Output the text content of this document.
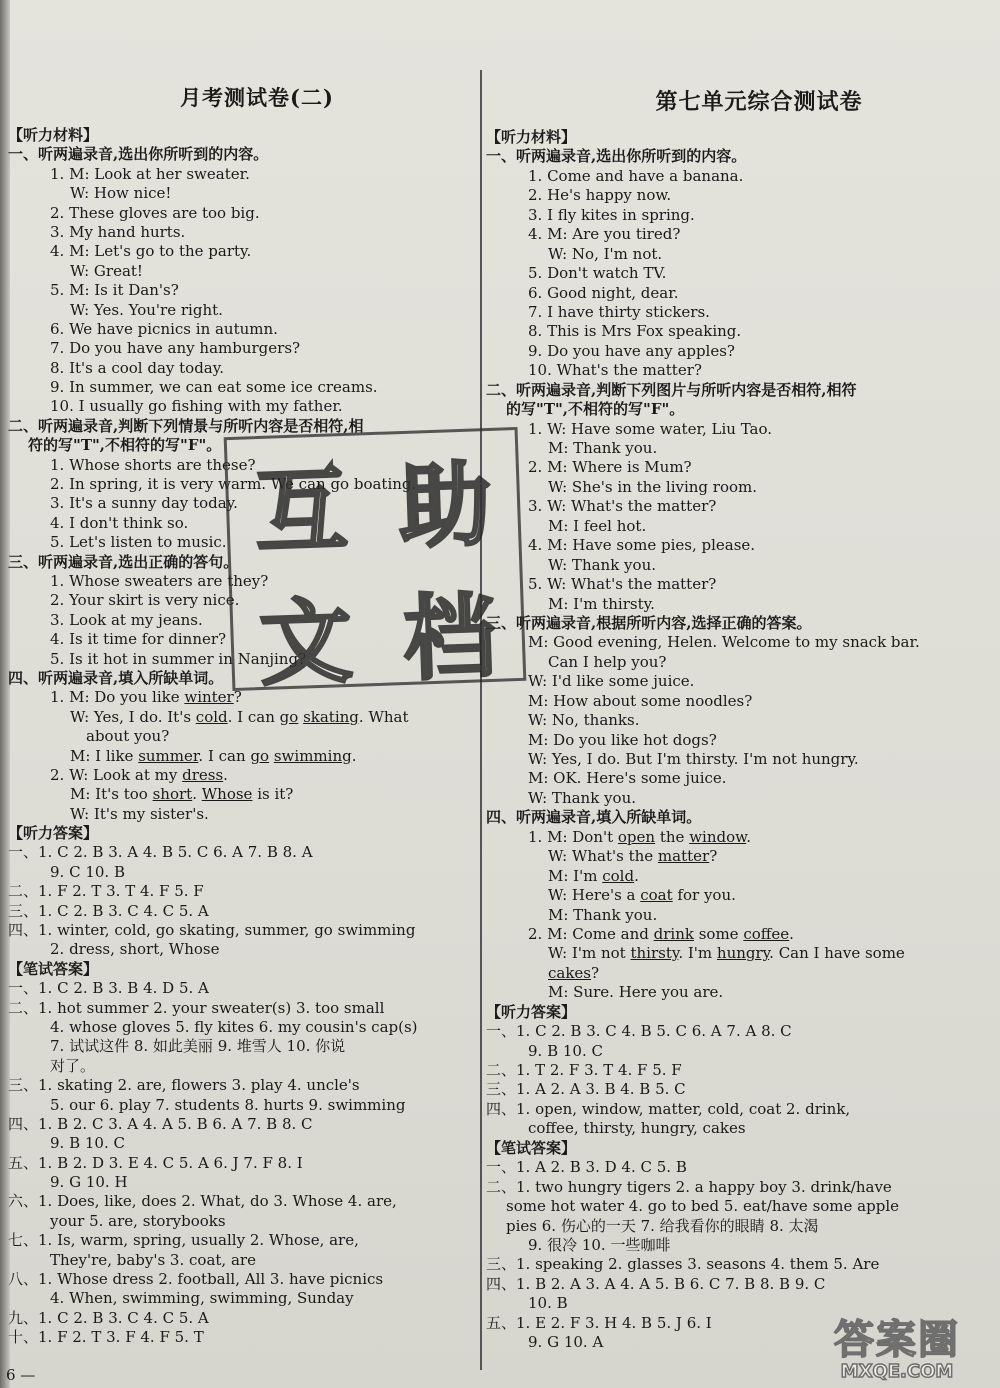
月考测试卷(二)
【听力材料】
一、听两遍录音,选出你所听到的内容。
1. M: Look at her sweater.
W: How nice!
2. These gloves are too big.
3. My hand hurts.
4. M: Let's go to the party.
W: Great!
5. M: Is it Dan's?
W: Yes. You're right.
6. We have picnics in autumn.
7. Do you have any hamburgers?
8. It's a cool day today.
9. In summer, we can eat some ice creams.
10. I usually go fishing with my father.
二、听两遍录音,判断下列情景与所听内容是否相符,相
符的写"T",不相符的写"F"。
1. Whose shorts are these?
2. In spring, it is very warm. We can go boating.
3. It's a sunny day today.
4. I don't think so.
5. Let's listen to music.
三、听两遍录音,选出正确的答句。
1. Whose sweaters are they?
2. Your skirt is very nice.
3. Look at my jeans.
4. Is it time for dinner?
5. Is it hot in summer in Nanjing?
四、听两遍录音,填入所缺单词。
1. M: Do you like winter?
W: Yes, I do. It's cold. I can go skating. What
about you?
M: I like summer. I can go swimming.
2. W: Look at my dress.
M: It's too short. Whose is it?
W: It's my sister's.
【听力答案】
一、1. C 2. B 3. A 4. B 5. C 6. A 7. B 8. A
9. C 10. B
二、1. F 2. T 3. T 4. F 5. F
三、1. C 2. B 3. C 4. C 5. A
四、1. winter, cold, go skating, summer, go swimming
2. dress, short, Whose
【笔试答案】
一、1. C 2. B 3. B 4. D 5. A
二、1. hot summer 2. your sweater(s) 3. too small
4. whose gloves 5. fly kites 6. my cousin's cap(s)
7. 试试这件 8. 如此美丽 9. 堆雪人 10. 你说
对了。
三、1. skating 2. are, flowers 3. play 4. uncle's
5. our 6. play 7. students 8. hurts 9. swimming
四、1. B 2. C 3. A 4. A 5. B 6. A 7. B 8. C
9. B 10. C
五、1. B 2. D 3. E 4. C 5. A 6. J 7. F 8. I
9. G 10. H
六、1. Does, like, does 2. What, do 3. Whose 4. are,
your 5. are, storybooks
七、1. Is, warm, spring, usually 2. Whose, are,
They're, baby's 3. coat, are
八、1. Whose dress 2. football, All 3. have picnics
4. When, swimming, swimming, Sunday
九、1. C 2. B 3. C 4. C 5. A
十、1. F 2. T 3. F 4. F 5. T
第七单元综合测试卷
【听力材料】
一、听两遍录音,选出你所听到的内容。
1. Come and have a banana.
2. He's happy now.
3. I fly kites in spring.
4. M: Are you tired?
W: No, I'm not.
5. Don't watch TV.
6. Good night, dear.
7. I have thirty stickers.
8. This is Mrs Fox speaking.
9. Do you have any apples?
10. What's the matter?
二、听两遍录音,判断下列图片与所听内容是否相符,相符
的写"T",不相符的写"F"。
1. W: Have some water, Liu Tao.
M: Thank you.
2. M: Where is Mum?
W: She's in the living room.
3. W: What's the matter?
M: I feel hot.
4. M: Have some pies, please.
W: Thank you.
5. W: What's the matter?
M: I'm thirsty.
三、听两遍录音,根据所听内容,选择正确的答案。
M: Good evening, Helen. Welcome to my snack bar.
Can I help you?
W: I'd like some juice.
M: How about some noodles?
W: No, thanks.
M: Do you like hot dogs?
W: Yes, I do. But I'm thirsty. I'm not hungry.
M: OK. Here's some juice.
W: Thank you.
四、听两遍录音,填入所缺单词。
1. M: Don't open the window.
W: What's the matter?
M: I'm cold.
W: Here's a coat for you.
M: Thank you.
2. M: Come and drink some coffee.
W: I'm not thirsty. I'm hungry. Can I have some
cakes?
M: Sure. Here you are.
【听力答案】
一、1. C 2. B 3. C 4. B 5. C 6. A 7. A 8. C
9. B 10. C
二、1. T 2. F 3. T 4. F 5. F
三、1. A 2. A 3. B 4. B 5. C
四、1. open, window, matter, cold, coat 2. drink,
coffee, thirsty, hungry, cakes
【笔试答案】
一、1. A 2. B 3. D 4. C 5. B
二、1. two hungry tigers 2. a happy boy 3. drink/have
some hot water 4. go to bed 5. eat/have some apple
pies 6. 伤心的一天 7. 给我看你的眼睛 8. 太渴
9. 很冷 10. 一些咖啡
三、1. speaking 2. glasses 3. seasons 4. them 5. Are
四、1. B 2. A 3. A 4. A 5. B 6. C 7. B 8. B 9. C
10. B
五、1. E 2. F 3. H 4. B 5. J 6. I
9. G 10. A
6 —
互 助
文 档
答案圈
MXQE.COM
